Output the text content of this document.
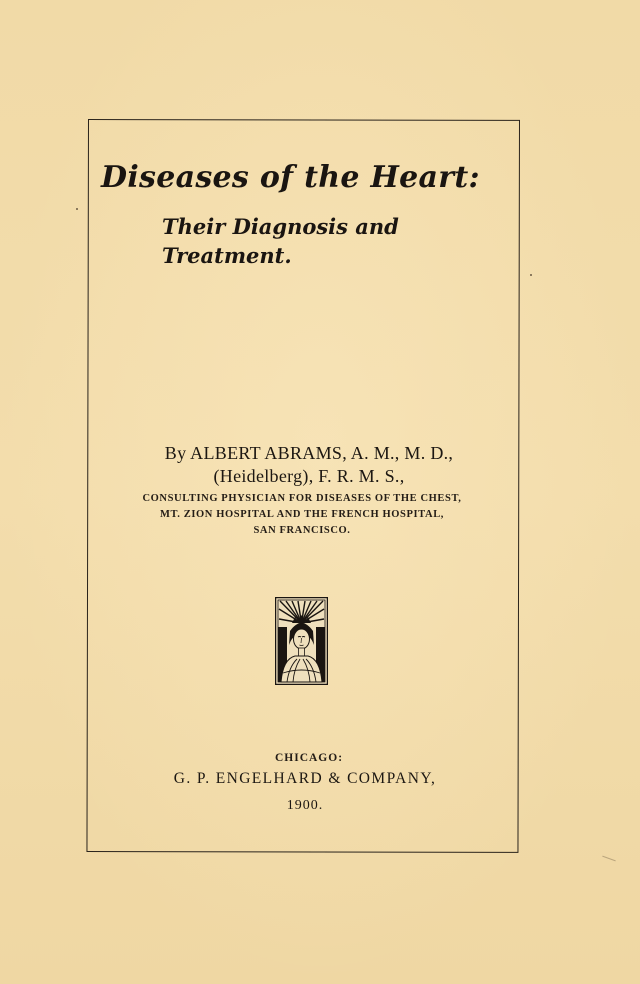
Diseases of the Heart:
Their Diagnosis and
Treatment.
By ALBERT ABRAMS, A. M., M. D.,
(Heidelberg), F. R. M. S.,
CONSULTING PHYSICIAN FOR DISEASES OF THE CHEST,
MT. ZION HOSPITAL AND THE FRENCH HOSPITAL,
SAN FRANCISCO.
CHICAGO:
G. P. ENGELHARD & COMPANY,
1900.
